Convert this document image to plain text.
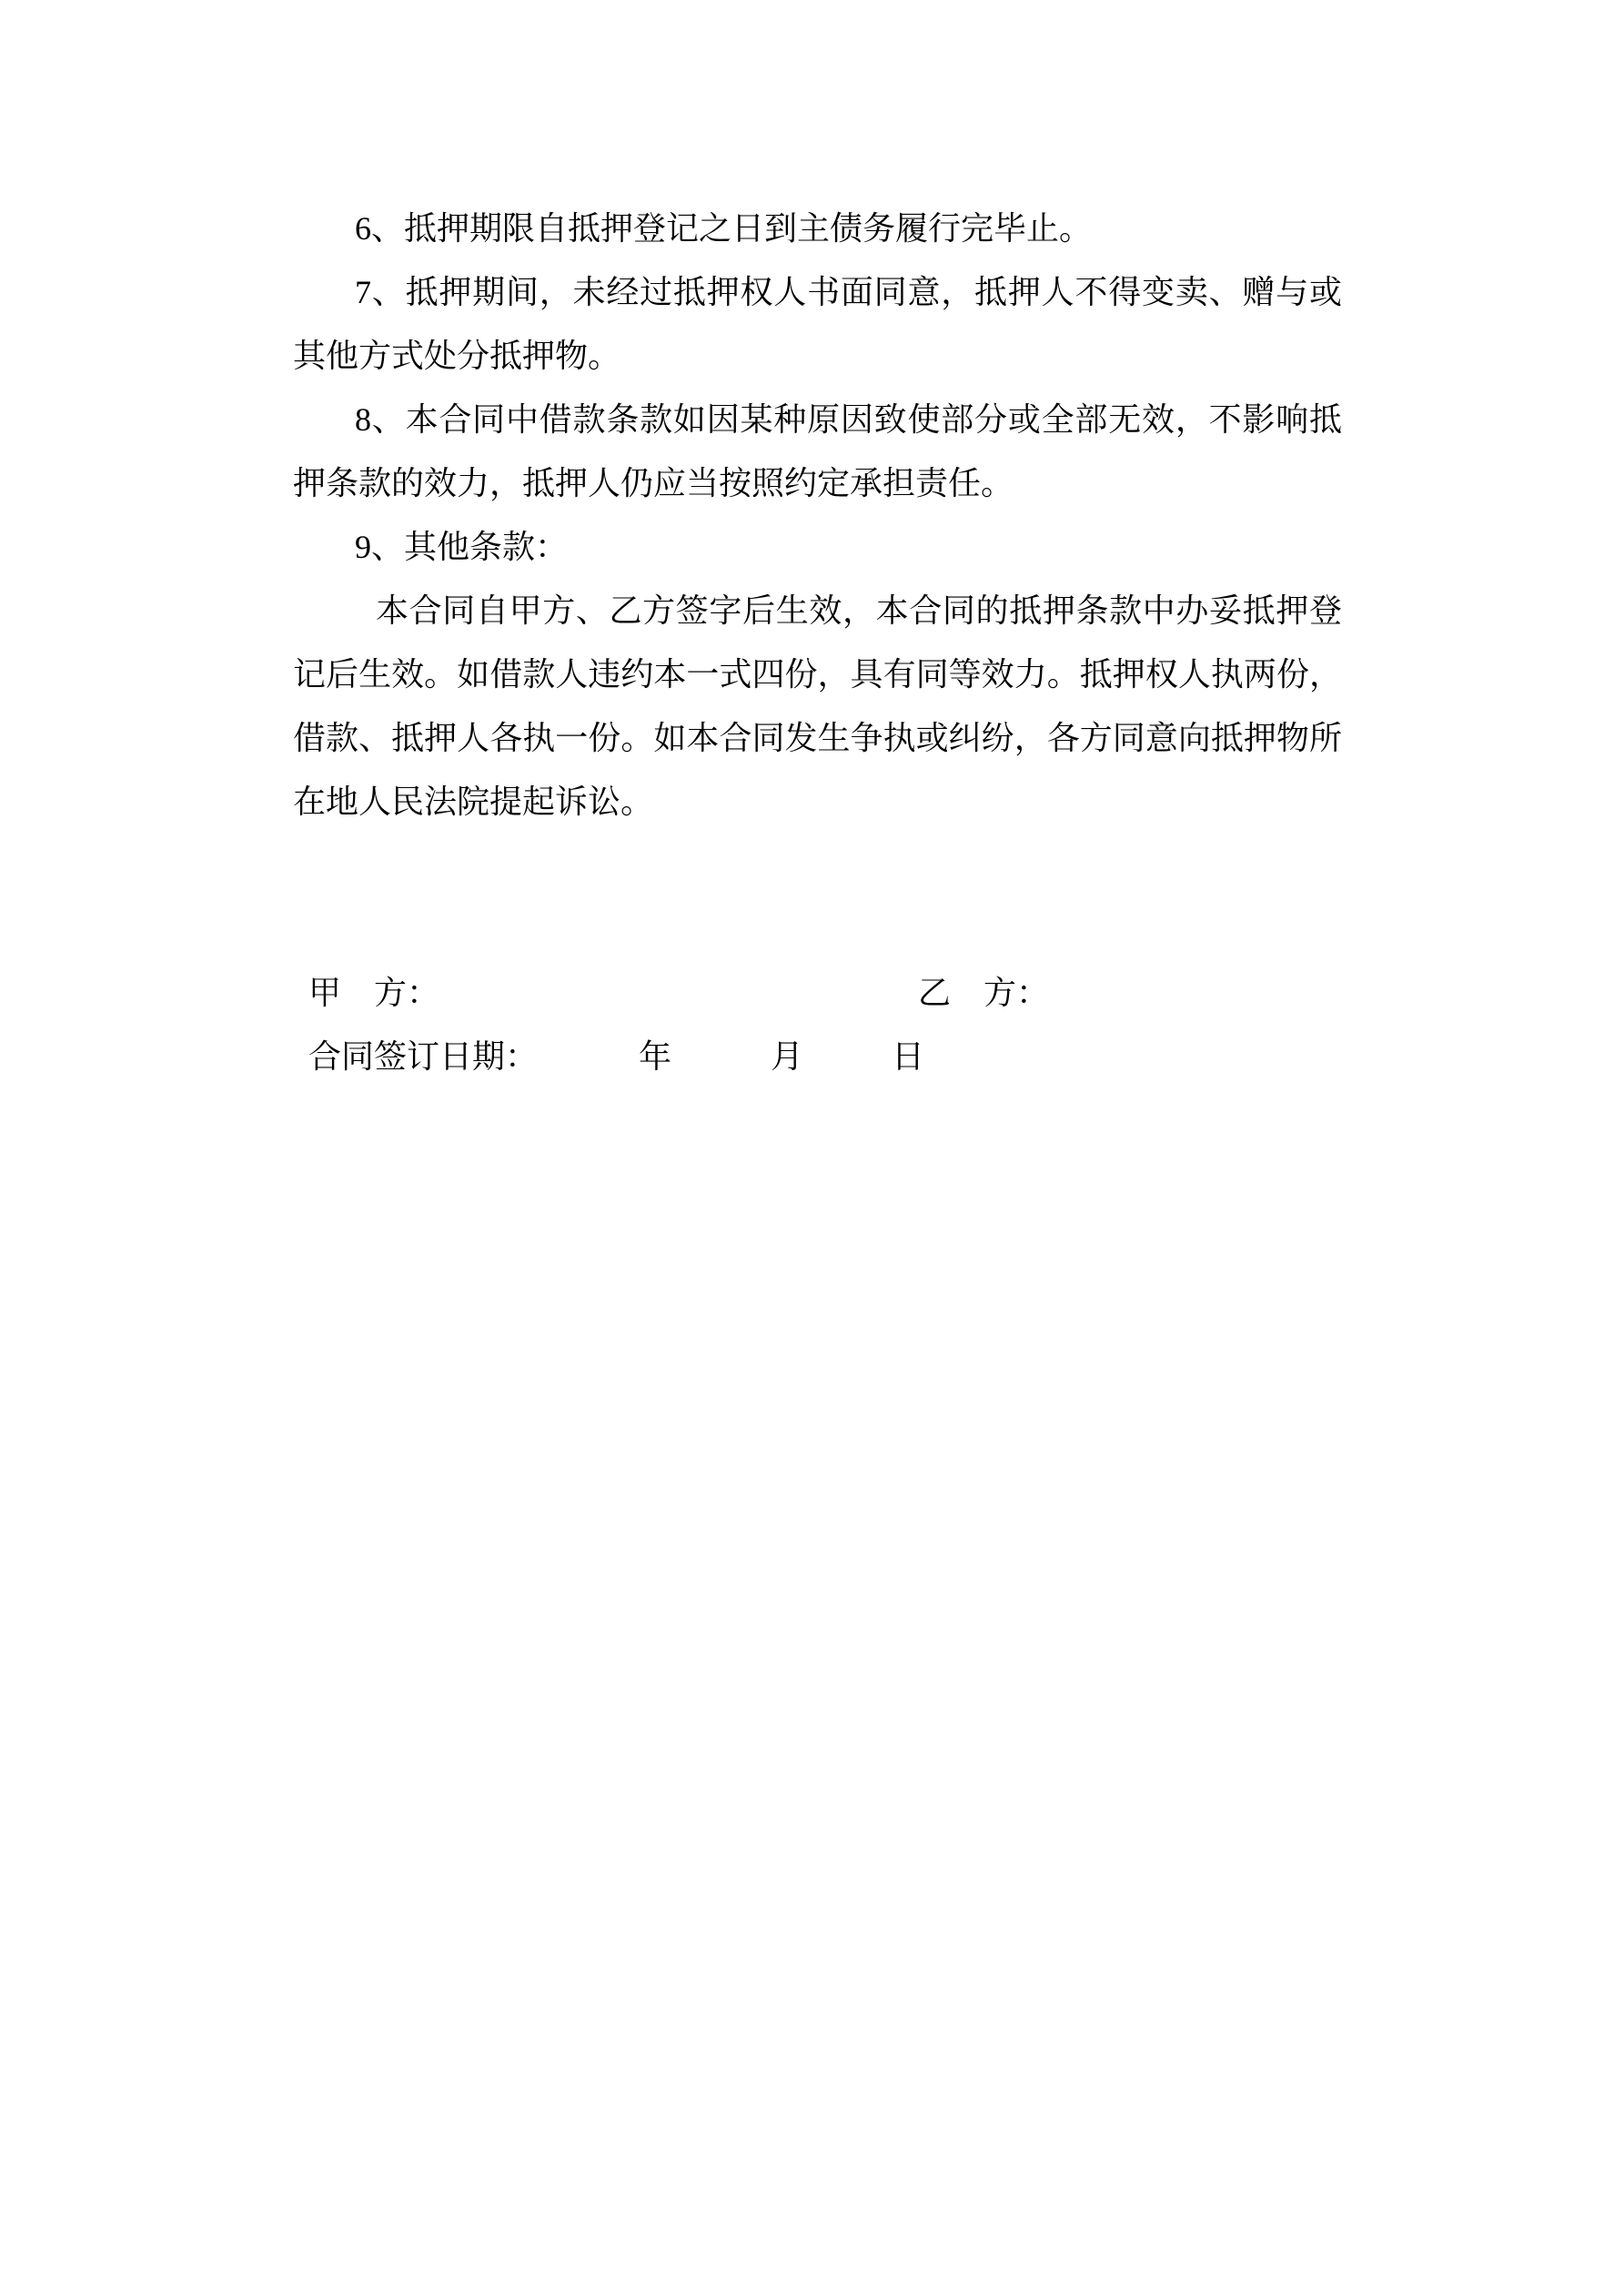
6、抵押期限自抵押登记之日到主债务履行完毕止。

7、抵押期间，未经过抵押权人书面同意，抵押人不得变卖、赠与或其他方式处分抵押物。

8、本合同中借款条款如因某种原因致使部分或全部无效，不影响抵押条款的效力，抵押人仍应当按照约定承担责任。

9、其他条款：

本合同自甲方、乙方签字后生效，本合同的抵押条款中办妥抵押登记后生效。如借款人违约本一式四份，具有同等效力。抵押权人执两份，借款、抵押人各执一份。如本合同发生争执或纠纷，各方同意向抵押物所在地人民法院提起诉讼。

甲　方：	乙　方：
合同签订日期：	年	月	日
